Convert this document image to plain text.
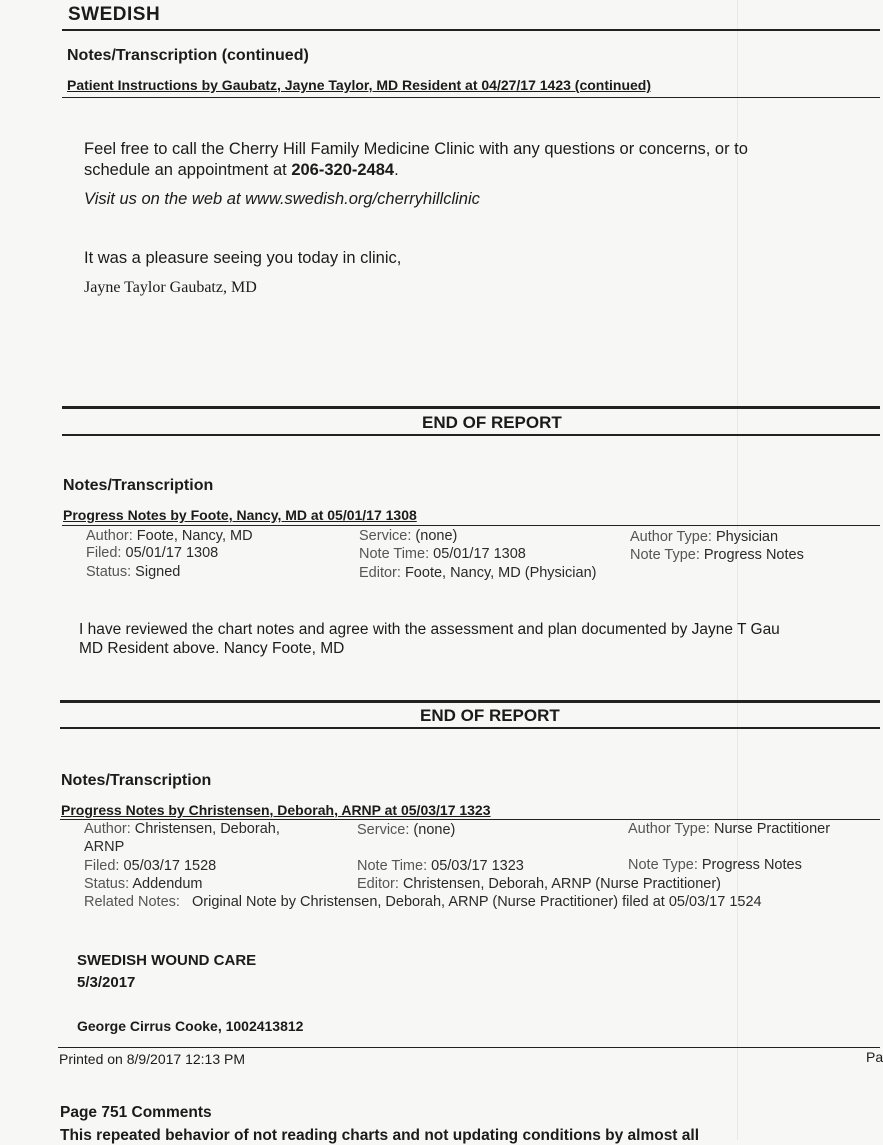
SWEDISH
Notes/Transcription (continued)
Patient Instructions by Gaubatz, Jayne Taylor, MD Resident at 04/27/17 1423 (continued)
Feel free to call the Cherry Hill Family Medicine Clinic with any questions or concerns, or to
schedule an appointment at 206-320-2484.
Visit us on the web at www.swedish.org/cherryhillclinic
It was a pleasure seeing you today in clinic,
Jayne Taylor Gaubatz, MD
END OF REPORT
Notes/Transcription
Progress Notes by Foote, Nancy, MD at 05/01/17 1308
Author: Foote, Nancy, MD	Service: (none)	Author Type: Physician
Filed: 05/01/17 1308	Note Time: 05/01/17 1308	Note Type: Progress Notes
Status: Signed	Editor: Foote, Nancy, MD (Physician)
I have reviewed the chart notes and agree with the assessment and plan documented by Jayne T Gau
MD Resident above. Nancy Foote, MD
END OF REPORT
Notes/Transcription
Progress Notes by Christensen, Deborah, ARNP at 05/03/17 1323
Author: Christensen, Deborah,
ARNP
Service: (none)	Author Type: Nurse Practitioner
Filed: 05/03/17 1528	Note Time: 05/03/17 1323	Note Type: Progress Notes
Status: Addendum	Editor: Christensen, Deborah, ARNP (Nurse Practitioner)
Related Notes: Original Note by Christensen, Deborah, ARNP (Nurse Practitioner) filed at 05/03/17 1524
SWEDISH WOUND CARE
5/3/2017
George Cirrus Cooke, 1002413812
Printed on 8/9/2017 12:13 PM	Pa
Page 751 Comments
This repeated behavior of not reading charts and not updating conditions by almost all
